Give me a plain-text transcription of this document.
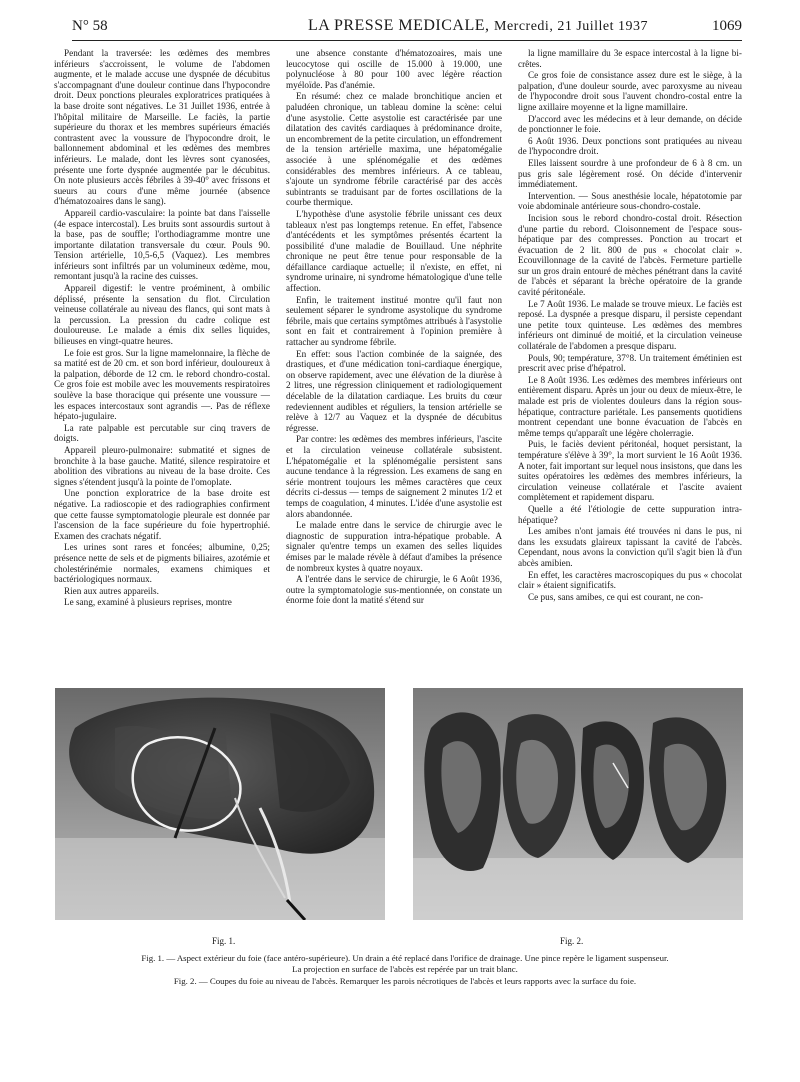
N° 58	LA PRESSE MEDICALE, Mercredi, 21 Juillet 1937	1069

Pendant la traversée: les œdèmes des membres inférieurs s'accroissent, le volume de l'abdomen augmente, et le malade accuse une dyspnée de décubitus s'accompagnant d'une douleur continue dans l'hypocondre droit. Deux ponctions pleurales exploratrices pratiquées à la base droite sont négatives. Le 31 Juillet 1936, entrée à l'hôpital militaire de Marseille. Le faciès, la partie supérieure du thorax et les membres supérieurs émaciés contrastent avec la voussure de l'hypocondre droit, le ballonnement abdominal et les œdèmes des membres inférieurs. Le malade, dont les lèvres sont cyanosées, présente une forte dyspnée augmentée par le décubitus. On note plusieurs accès fébriles à 39-40° avec frissons et sueurs au cours d'une même journée (absence d'hématozoaires dans le sang).

Appareil cardio-vasculaire: la pointe bat dans l'aisselle (4e espace intercostal). Les bruits sont assourdis surtout à la base, pas de souffle; l'orthodiagramme montre une importante dilatation transversale du cœur. Pouls 90. Tension artérielle, 10,5-6,5 (Vaquez). Les membres inférieurs sont infiltrés par un volumineux œdème, mou, remontant jusqu'à la racine des cuisses.

Appareil digestif: le ventre proéminent, à ombilic déplissé, présente la sensation du flot. Circulation veineuse collatérale au niveau des flancs, qui sont mats à la percussion. La pression du cadre colique est douloureuse. Le malade a émis dix selles liquides, bilieuses en vingt-quatre heures.

Le foie est gros. Sur la ligne mamelonnaire, la flèche de sa matité est de 20 cm. et son bord inférieur, douloureux à la palpation, déborde de 12 cm. le rebord chondro-costal. Ce gros foie est mobile avec les mouvements respiratoires soulève la base thoracique qui présente une voussure — les espaces intercostaux sont agrandis —. Pas de réflexe hépato-jugulaire.

La rate palpable est percutable sur cinq travers de doigts.

Appareil pleuro-pulmonaire: submatité et signes de bronchite à la base gauche. Matité, silence respiratoire et abolition des vibrations au niveau de la base droite. Ces signes s'étendent jusqu'à la pointe de l'omoplate.

Une ponction exploratrice de la base droite est négative. La radioscopie et des radiographies confirment que cette fausse symptomatologie pleurale est donnée par l'ascension de la face supérieure du foie hypertrophié. Examen des crachats négatif.

Les urines sont rares et foncées; albumine, 0,25; présence nette de sels et de pigments biliaires, azotémie et cholestérinémie normales, examens chimiques et bactériologiques normaux.

Rien aux autres appareils.

Le sang, examiné à plusieurs reprises, montre

une absence constante d'hématozoaires, mais une leucocytose qui oscille de 15.000 à 19.000, une polynucléose à 80 pour 100 avec légère réaction myéloïde. Pas d'anémie.

En résumé: chez ce malade bronchitique ancien et paludéen chronique, un tableau domine la scène: celui d'une asystolie. Cette asystolie est caractérisée par une dilatation des cavités cardiaques à prédominance droite, un encombrement de la petite circulation, un effondrement de la tension artérielle maxima, une hépatomégalie associée à une splénomégalie et des œdèmes considérables des membres inférieurs. A ce tableau, s'ajoute un syndrome fébrile caractérisé par des accès subintrants se traduisant par de fortes oscillations de la courbe thermique.

L'hypothèse d'une asystolie fébrile unissant ces deux tableaux n'est pas longtemps retenue. En effet, l'absence d'antécédents et les symptômes présentés écartent la possibilité d'une maladie de Bouillaud. Une néphrite chronique ne peut être tenue pour responsable de la défaillance cardiaque actuelle; il n'existe, en effet, ni syndrome urinaire, ni syndrome hématologique d'une telle affection.

Enfin, le traitement institué montre qu'il faut non seulement séparer le syndrome asystolique du syndrome fébrile, mais que certains symptômes attribués à l'asystolie sont en fait et contrairement à l'opinion première à rattacher au syndrome fébrile.

En effet: sous l'action combinée de la saignée, des drastiques, et d'une médication toni-cardiaque énergique, on observe rapidement, avec une élévation de la diurèse à 2 litres, une régression cliniquement et radiologiquement décelable de la dilatation cardiaque. Les bruits du cœur redeviennent audibles et réguliers, la tension artérielle se relève à 12/7 au Vaquez et la dyspnée de décubitus régresse.

Par contre: les œdèmes des membres inférieurs, l'ascite et la circulation veineuse collatérale subsistent. L'hépatomégalie et la splénomégalie persistent sans aucune tendance à la régression. Les examens de sang en série montrent toujours les mêmes caractères que ceux décrits ci-dessus — temps de saignement 2 minutes 1/2 et temps de coagulation, 4 minutes. L'idée d'une asystolie est alors abandonnée.

Le malade entre dans le service de chirurgie avec le diagnostic de suppuration intra-hépatique probable. A signaler qu'entre temps un examen des selles liquides émises par le malade révèle à défaut d'amibes la présence de nombreux kystes à quatre noyaux.

A l'entrée dans le service de chirurgie, le 6 Août 1936, outre la symptomatologie sus-mentionnée, on constate un énorme foie dont la matité s'étend sur

la ligne mamillaire du 3e espace intercostal à la ligne bi-crêtes.

Ce gros foie de consistance assez dure est le siège, à la palpation, d'une douleur sourde, avec paroxysme au niveau de l'hypocondre droit sous l'auvent chondro-costal entre la ligne axillaire moyenne et la ligne mamillaire.

D'accord avec les médecins et à leur demande, on décide de ponctionner le foie.

6 Août 1936. Deux ponctions sont pratiquées au niveau de l'hypocondre droit.

Elles laissent sourdre à une profondeur de 6 à 8 cm. un pus gris sale légèrement rosé. On décide d'intervenir immédiatement.

Intervention. — Sous anesthésie locale, hépatotomie par voie abdominale antérieure sous-chondro-costale.

Incision sous le rebord chondro-costal droit. Résection d'une partie du rebord. Cloisonnement de l'espace sous-hépatique par des compresses. Ponction au trocart et évacuation de 2 lit. 800 de pus « chocolat clair ». Ecouvillonnage de la cavité de l'abcès. Fermeture partielle sur un gros drain entouré de mèches pénétrant dans la cavité de l'abcès et séparant la brèche opératoire de la grande cavité péritonéale.

Le 7 Août 1936. Le malade se trouve mieux. Le faciès est reposé. La dyspnée a presque disparu, il persiste cependant une petite toux quinteuse. Les œdèmes des membres inférieurs ont diminué de moitié, et la circulation veineuse collatérale de l'abdomen a presque disparu.

Pouls, 90; température, 37°8. Un traitement émétinien est prescrit avec prise d'hépatrol.

Le 8 Août 1936. Les œdèmes des membres inférieurs ont entièrement disparu. Après un jour ou deux de mieux-être, le malade est pris de violentes douleurs dans la région sous-hépatique, contracture pariétale. Les pansements quotidiens montrent cependant une bonne évacuation de l'abcès en même temps qu'apparaît une légère cholerragie.

Puis, le faciès devient péritonéal, hoquet persistant, la température s'élève à 39°, la mort survient le 16 Août 1936. A noter, fait important sur lequel nous insistons, que dans les suites opératoires les œdèmes des membres inférieurs, la circulation veineuse collatérale et l'ascite avaient complètement et rapidement disparu.

Quelle a été l'étiologie de cette suppuration intra-hépatique?

Les amibes n'ont jamais été trouvées ni dans le pus, ni dans les exsudats glaireux tapissant la cavité de l'abcès. Cependant, nous avons la conviction qu'il s'agit bien là d'un abcès amibien.

En effet, les caractères macroscopiques du pus « chocolat clair » étaient significatifs.

Ce pus, sans amibes, ce qui est courant, ne con-

Fig. 1.	Fig. 2.
Fig. 1. — Aspect extérieur du foie (face antéro-supérieure). Un drain a été replacé dans l'orifice de drainage. Une pince repère le ligament suspenseur.
La projection en surface de l'abcès est repérée par un trait blanc.
Fig. 2. — Coupes du foie au niveau de l'abcès. Remarquer les parois nécrotiques de l'abcès et leurs rapports avec la surface du foie.
